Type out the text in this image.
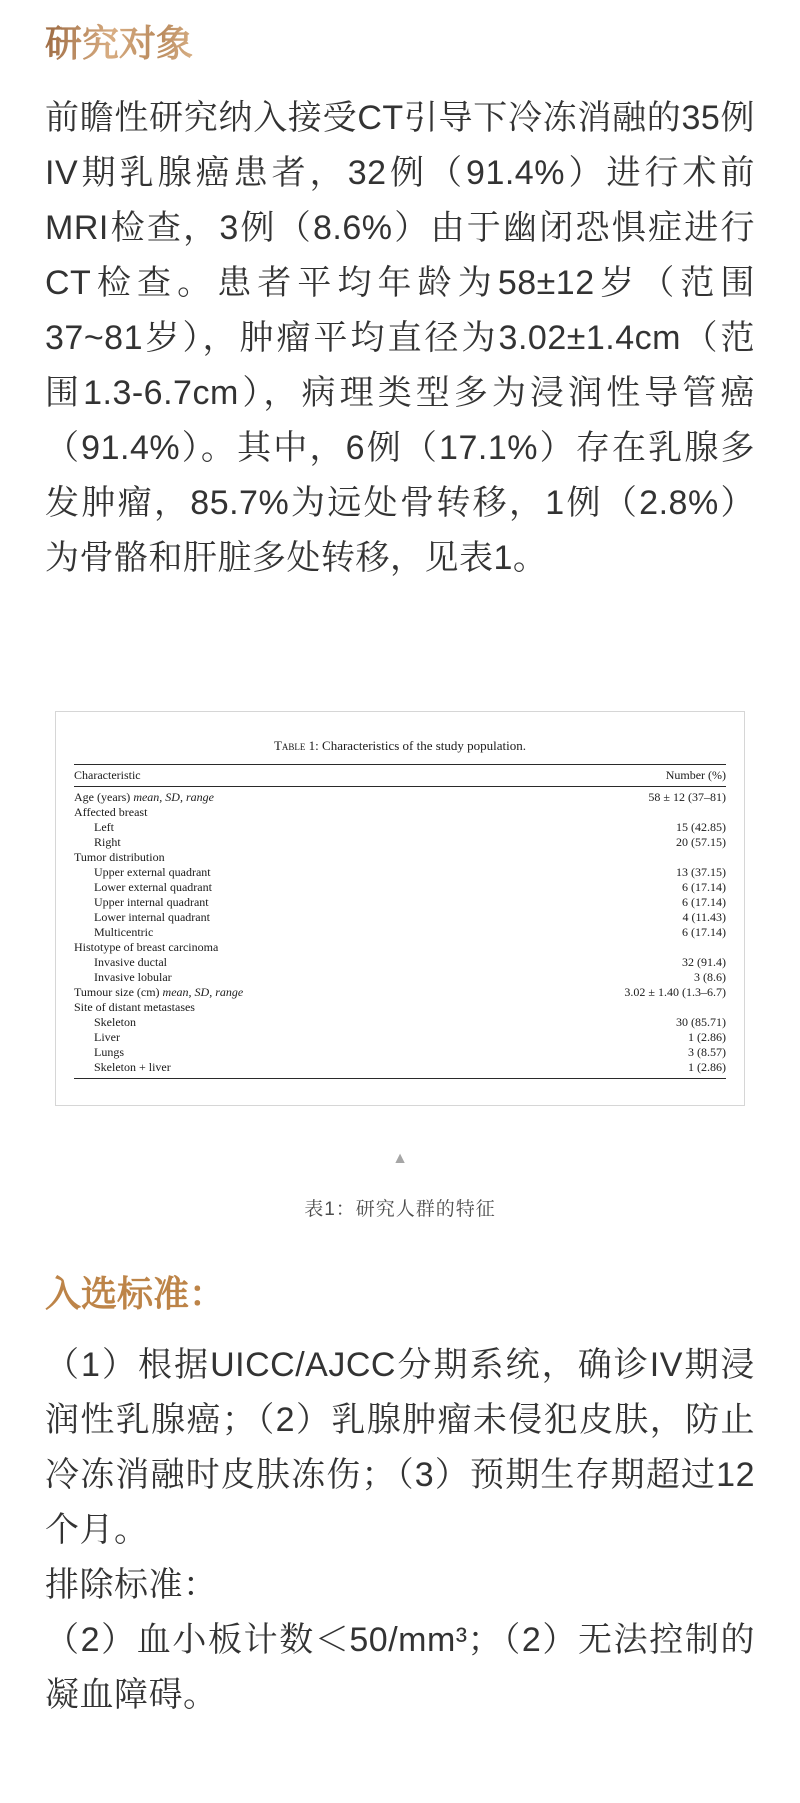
研究对象

前瞻性研究纳入接受CT引导下冷冻消融的35例IV期乳腺癌患者，32例（91.4%）进行术前MRI检查，3例（8.6%）由于幽闭恐惧症进行CT检查。患者平均年龄为58±12岁（范围37~81岁），肿瘤平均直径为3.02±1.4cm（范围1.3-6.7cm），病理类型多为浸润性导管癌（91.4%）。其中，6例（17.1%）存在乳腺多发肿瘤，85.7%为远处骨转移，1例（2.8%）为骨骼和肝脏多处转移，见表1。

Table 1: Characteristics of the study population.

Characteristic	Number (%)
Age (years) mean, SD, range	58 ± 12 (37–81)
Affected breast	
Left	15 (42.85)
Right	20 (57.15)
Tumor distribution	
Upper external quadrant	13 (37.15)
Lower external quadrant	6 (17.14)
Upper internal quadrant	6 (17.14)
Lower internal quadrant	4 (11.43)
Multicentric	6 (17.14)
Histotype of breast carcinoma	
Invasive ductal	32 (91.4)
Invasive lobular	3 (8.6)
Tumour size (cm) mean, SD, range	3.02 ± 1.40 (1.3–6.7)
Site of distant metastases	
Skeleton	30 (85.71)
Liver	1 (2.86)
Lungs	3 (8.57)
Skeleton + liver	1 (2.86)
▲
表1：研究人群的特征
入选标准：

（1）根据UICC/AJCC分期系统，确诊IV期浸润性乳腺癌；（2）乳腺肿瘤未侵犯皮肤，防止冷冻消融时皮肤冻伤；（3）预期生存期超过12个月。

排除标准：

（2）血小板计数＜50/mm³；（2）无法控制的凝血障碍。
